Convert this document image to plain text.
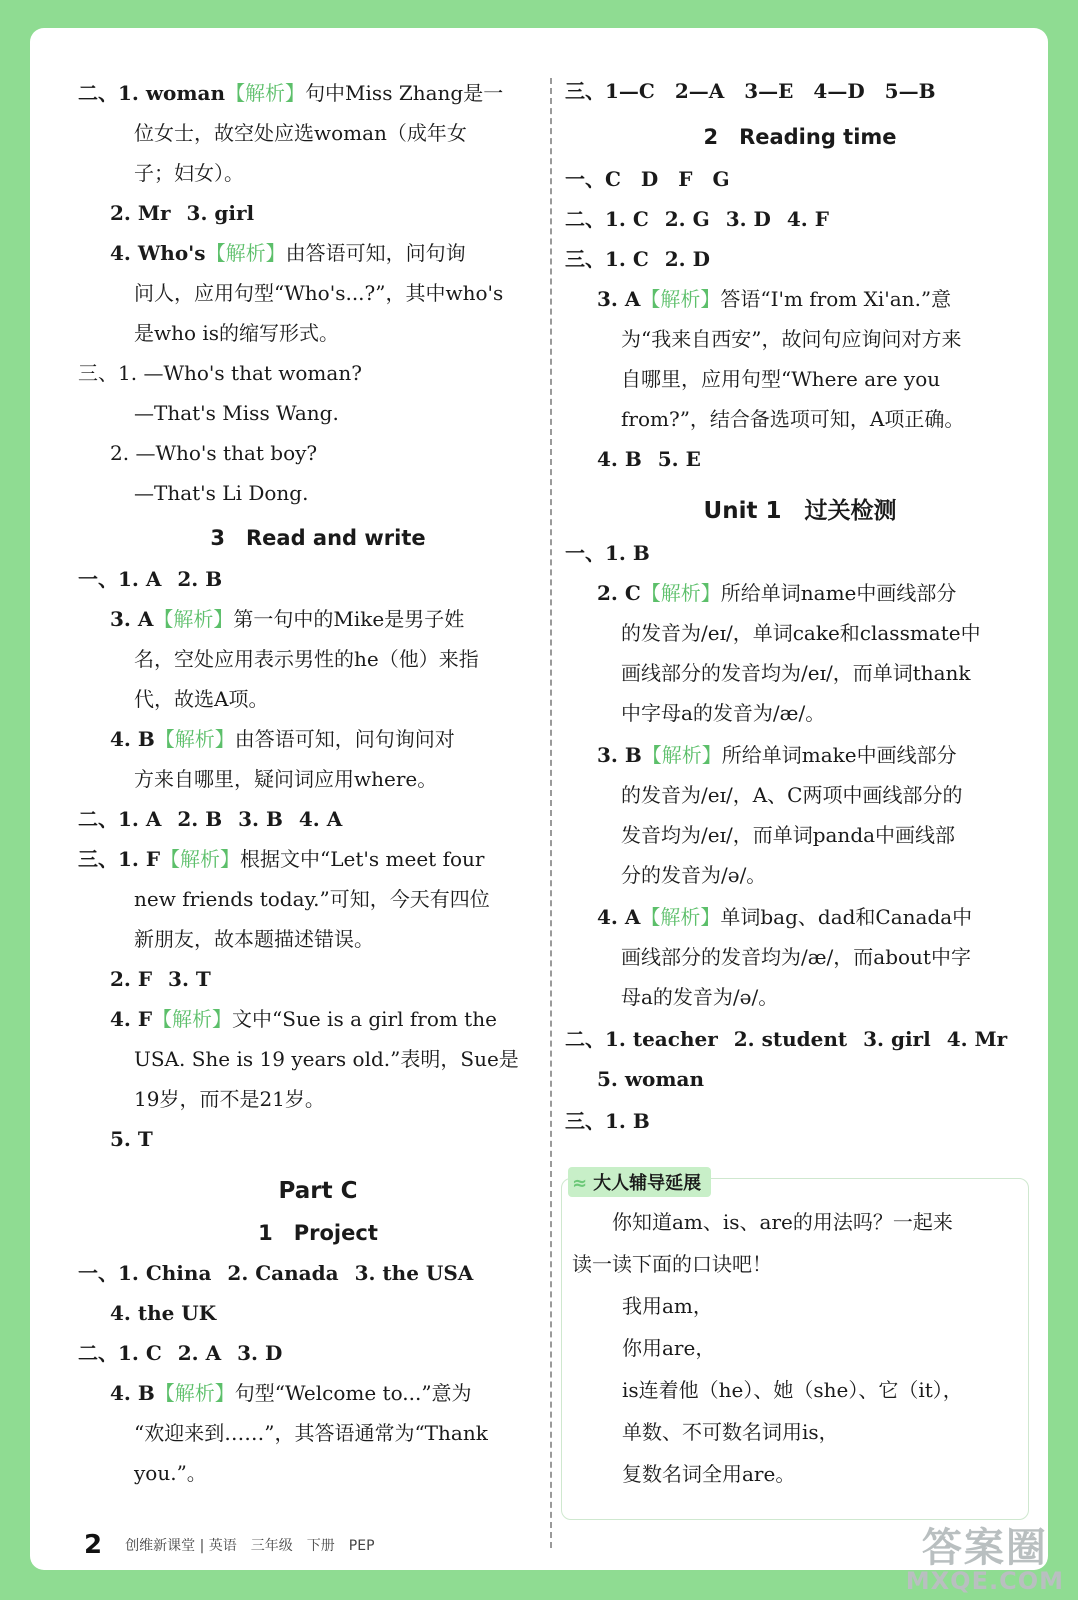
二、1. woman【解析】句中Miss Zhang是一
位女士，故空处应选woman（成年女
子；妇女）。
2. Mr 3. girl
4. Who's【解析】由答语可知，问句询
问人，应用句型“Who's...?”，其中who's
是who is的缩写形式。
三、1. —Who's that woman?
—That's Miss Wang.
2. —Who's that boy?
—That's Li Dong.
3　Read and write
一、1. A 2. B
3. A【解析】第一句中的Mike是男子姓
名，空处应用表示男性的he（他）来指
代，故选A项。
4. B【解析】由答语可知，问句询问对
方来自哪里，疑问词应用where。
二、1. A 2. B 3. B 4. A
三、1. F【解析】根据文中“Let's meet four
new friends today.”可知，今天有四位
新朋友，故本题描述错误。
2. F 3. T
4. F【解析】文中“Sue is a girl from the
USA. She is 19 years old.”表明，Sue是
19岁，而不是21岁。
5. T
Part C
1　Project
一、1. China 2. Canada 3. the USA
4. the UK
二、1. C 2. A 3. D
4. B【解析】句型“Welcome to...”意为
“欢迎来到……”，其答语通常为“Thank
you.”。
三、1—C　2—A　3—E　4—D　5—B
2　Reading time
一、C　D　F　G
二、1. C 2. G 3. D 4. F
三、1. C 2. D
3. A【解析】答语“I'm from Xi'an.”意
为“我来自西安”，故问句应询问对方来
自哪里，应用句型“Where are you
from?”，结合备选项可知，A项正确。
4. B 5. E
Unit 1　过关检测
一、1. B
2. C【解析】所给单词name中画线部分
的发音为/eɪ/，单词cake和classmate中
画线部分的发音均为/eɪ/，而单词thank
中字母a的发音为/æ/。
3. B【解析】所给单词make中画线部分
的发音为/eɪ/，A、C两项中画线部分的
发音均为/eɪ/，而单词panda中画线部
分的发音为/ə/。
4. A【解析】单词bag、dad和Canada中
画线部分的发音均为/æ/，而about中字
母a的发音为/ə/。
二、1. teacher 2. student 3. girl 4. Mr
5. woman
三、1. B
≈ 大人辅导延展
你知道am、is、are的用法吗？一起来
读一读下面的口诀吧！
我用am，
你用are，
is连着他（he）、她（she）、它（it），
单数、不可数名词用is，
复数名词全用are。
2 创维新课堂 | 英语　三年级　下册　PEP	答案圈
MXQE.COM
